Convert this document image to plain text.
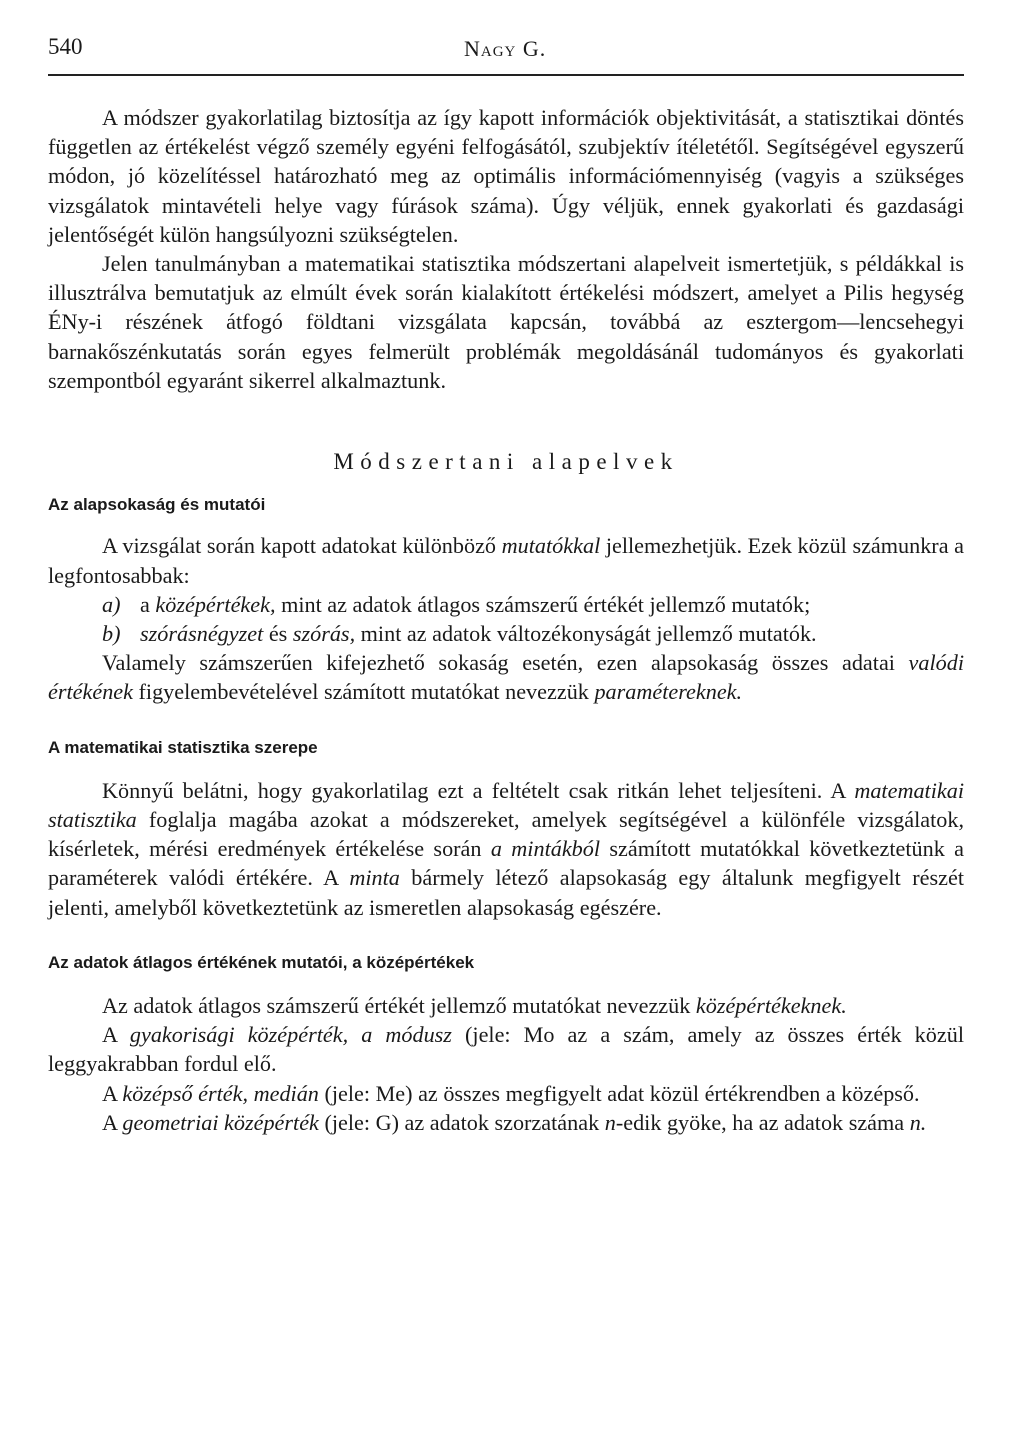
540	Nagy G.

A módszer gyakorlatilag biztosítja az így kapott információk objektivitását, a statisztikai döntés független az értékelést végző személy egyéni felfogásától, szubjektív ítéletétől. Segítségével egyszerű módon, jó közelítéssel határozható meg az optimális információmennyiség (vagyis a szükséges vizsgálatok mintavételi helye vagy fúrások száma). Úgy véljük, ennek gyakorlati és gazdasági jelentőségét külön hangsúlyozni szükségtelen.

Jelen tanulmányban a matematikai statisztika módszertani alapelveit ismertetjük, s példákkal is illusztrálva bemutatjuk az elmúlt évek során kialakított értékelési módszert, amelyet a Pilis hegység ÉNy-i részének átfogó földtani vizsgálata kapcsán, továbbá az esztergom—lencsehegyi barnakőszénkutatás során egyes felmerült problémák megoldásánál tudományos és gyakorlati szempontból egyaránt sikerrel alkalmaztunk.

Módszertani alapelvek
Az alapsokaság és mutatói

A vizsgálat során kapott adatokat különböző mutatókkal jellemezhetjük. Ezek közül számunkra a legfontosabbak:

a) a középértékek, mint az adatok átlagos számszerű értékét jellemző mutatók;

b) szórásnégyzet és szórás, mint az adatok változékonyságát jellemző mutatók.

Valamely számszerűen kifejezhető sokaság esetén, ezen alapsokaság összes adatai valódi értékének figyelembevételével számított mutatókat nevezzük paramétereknek.

A matematikai statisztika szerepe

Könnyű belátni, hogy gyakorlatilag ezt a feltételt csak ritkán lehet teljesíteni. A matematikai statisztika foglalja magába azokat a módszereket, amelyek segítségével a különféle vizsgálatok, kísérletek, mérési eredmények értékelése során a mintákból számított mutatókkal következtetünk a paraméterek valódi értékére. A minta bármely létező alapsokaság egy általunk megfigyelt részét jelenti, amelyből következtetünk az ismeretlen alapsokaság egészére.

Az adatok átlagos értékének mutatói, a középértékek

Az adatok átlagos számszerű értékét jellemző mutatókat nevezzük középértékeknek.

A gyakorisági középérték, a módusz (jele: Mo az a szám, amely az összes érték közül leggyakrabban fordul elő.

A középső érték, medián (jele: Me) az összes megfigyelt adat közül értékrendben a középső.

A geometriai középérték (jele: G) az adatok szorzatának n-edik gyöke, ha az adatok száma n.
